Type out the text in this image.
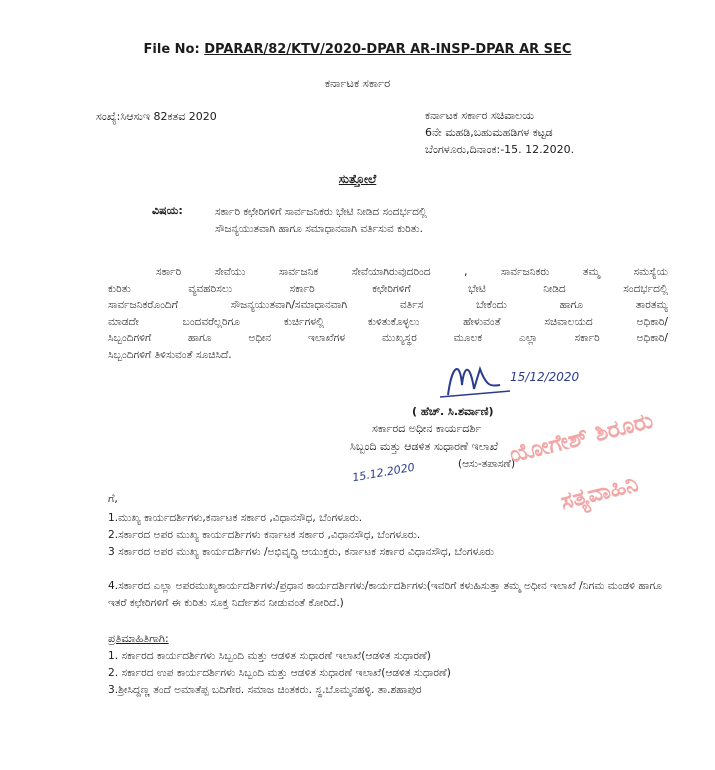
File No: DPARAR/82/KTV/2020-DPAR AR-INSP-DPAR AR SEC
ಕರ್ನಾಟಕ ಸರ್ಕಾರ
ಸಂಖ್ಯೆ:ಸಿಆಸುಇ 82ಕತವ 2020	ಕರ್ನಾಟಕ ಸರ್ಕಾರ ಸಚಿವಾಲಯ
6ನೇ ಮಹಡಿ,ಬಹುಮಹಡಿಗಳ ಕಟ್ಟಡ
ಬೆಂಗಳೂರು,ದಿನಾಂಕ:-15. 12.2020.
ಸುತ್ತೋಲೆ
ವಿಷಯ:	ಸರ್ಕಾರಿ ಕಛೇರಿಗಳಿಗೆ ಸಾರ್ವಜನಿಕರು ಭೇಟಿ ನೀಡಿದ ಸಂದರ್ಭದಲ್ಲಿ
ಸೌಜನ್ಯಯುತವಾಗಿ ಹಾಗೂ ಸಮಾಧಾನವಾಗಿ ವರ್ತಿಸುವ ಕುರಿತು.
ಸರ್ಕಾರಿ ಸೇವೆಯು ಸಾರ್ವಜನಿಕ ಸೇವೆಯಾಗಿರುವುದರಿಂದ , ಸಾರ್ವಜನಿಕರು ತಮ್ಮ ಸಮಸ್ಯೆಯ
ಕುರಿತು ವ್ಯವಹರಿಸಲು ಸರ್ಕಾರಿ ಕಛೇರಿಗಳಿಗೆ ಭೇಟಿ ನೀಡಿದ ಸಂದರ್ಭದಲ್ಲಿ
ಸಾರ್ವಜನಿಕರೊಂದಿಗೆ ಸೌಜನ್ಯಯುತವಾಗಿ/ಸಮಾಧಾನವಾಗಿ ವರ್ತಿಸ ಬೇಕೆಂದು ಹಾಗೂ ತಾರತಮ್ಯ
ಮಾಡದೇ ಬಂದವರೆಲ್ಲರಿಗೂ ಕುರ್ಚಿಗಳಲ್ಲಿ ಕುಳಿತುಕೊಳ್ಳಲು ಹೇಳುವಂತೆ ಸಚಿವಾಲಯದ ಅಧಿಕಾರಿ/
ಸಿಬ್ಬಂದಿಗಳಿಗೆ ಹಾಗೂ ಅಧೀನ ಇಲಾಖೆಗಳ ಮುಖ್ಯಸ್ಥರ ಮೂಲಕ ಎಲ್ಲಾ ಸರ್ಕಾರಿ ಅಧಿಕಾರಿ/
ಸಿಬ್ಬಂದಿಗಳಿಗೆ ತಿಳಿಸುವಂತೆ ಸೂಚಿಸಿದೆ.
15/12/2020
( ಹೆಚ್. ಸಿ.ಶರ್ವಾಣಿ)
ಸರ್ಕಾರದ ಅಧೀನ ಕಾರ್ಯದರ್ಶಿ
ಸಿಬ್ಬಂದಿ ಮತ್ತು ಆಡಳಿತ ಸುಧಾರಣೆ ಇಲಾಖೆ
(ಆಸು-ತಪಾಸಣೆ)
15.12.2020
ಯೋಗೇಶ್ ಶಿರೂರು
ಸತ್ಯವಾಹಿನಿ
ಗೆ,
1.ಮುಖ್ಯ ಕಾರ್ಯದರ್ಶಿಗಳು,ಕರ್ನಾಟಕ ಸರ್ಕಾರ ,ವಿಧಾನಸೌಧ, ಬೆಂಗಳೂರು.
2.ಸರ್ಕಾರದ ಅಪರ ಮುಖ್ಯ ಕಾರ್ಯದರ್ಶಿಗಳು ಕರ್ನಾಟಕ ಸರ್ಕಾರ ,ವಿಧಾನಸೌಧ, ಬೆಂಗಳೂರು.
3 ಸರ್ಕಾರದ ಅಪರ ಮುಖ್ಯ ಕಾರ್ಯದರ್ಶಿಗಳು /ಅಭಿವೃದ್ಧಿ ಆಯುಕ್ತರು, ಕರ್ನಾಟಕ ಸರ್ಕಾರ ವಿಧಾನಸೌಧ, ಬೆಂಗಳೂರು
4.ಸರ್ಕಾರದ ಎಲ್ಲಾ ಅಪರಮುಖ್ಯಕಾರ್ಯದರ್ಶಿಗಳು/ಪ್ರಧಾನ ಕಾರ್ಯದರ್ಶಿಗಳು/ಕಾರ್ಯದರ್ಶಿಗಳು(ಇವರಿಗೆ ಕಳುಹಿಸುತ್ತಾ ತಮ್ಮ ಅಧೀನ ಇಲಾಖೆ /ನಿಗಮ ಮಂಡಳಿ ಹಾಗೂ ಇತರೆ ಕಛೇರಿಗಳಿಗೆ ಈ ಕುರಿತು ಸೂಕ್ತ ನಿರ್ದೇಶನ ನೀಡುವಂತೆ ಕೋರಿದೆ.)
ಪ್ರತಿಮಾಹಿತಿಗಾಗಿ:
1. ಸರ್ಕಾರದ ಕಾರ್ಯದರ್ಶಿಗಳು ಸಿಬ್ಬಂದಿ ಮತ್ತು ಆಡಳಿತ ಸುಧಾರಣೆ ಇಲಾಖೆ(ಆಡಳಿತ ಸುಧಾರಣೆ)
2. ಸರ್ಕಾರದ ಉಪ ಕಾರ್ಯದರ್ಶಿಗಳು ಸಿಬ್ಬಂದಿ ಮತ್ತು ಆಡಳಿತ ಸುಧಾರಣೆ ಇಲಾಖೆ(ಆಡಳಿತ ಸುಧಾರಣೆ)
3.ಶ್ರೀಸಿದ್ದಣ್ಣ ತಂದೆ ಅಮಾತೆಪ್ಪ ಬದಿಗೇರ. ಸಮಾಜ ಚಿಂತಕರು. ಸ್ಥ.ಬೊಮ್ಮನಹಳ್ಳಿ. ತಾ.ಶಹಾಪುರ
